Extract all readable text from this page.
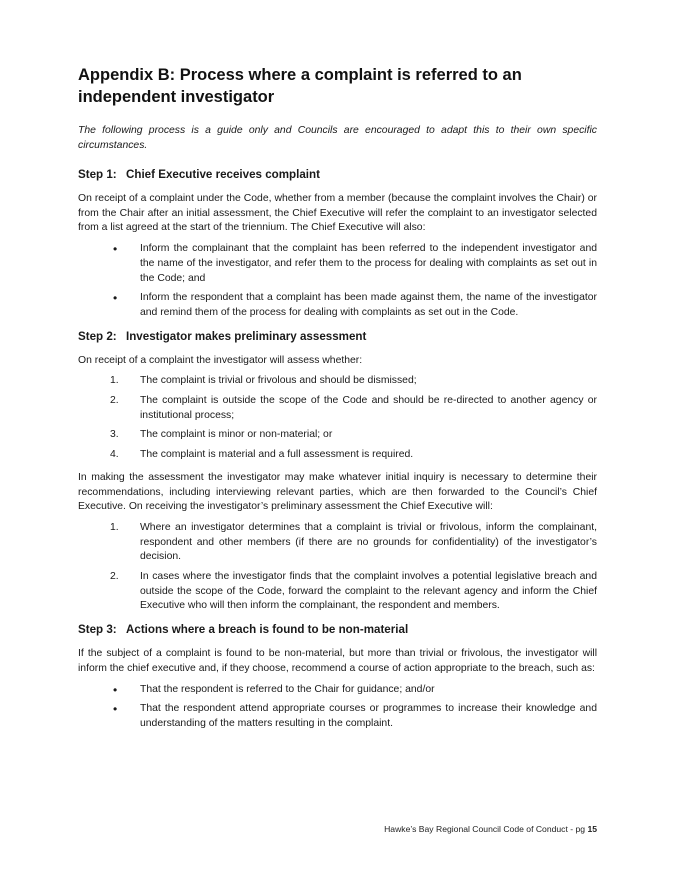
Appendix B: Process where a complaint is referred to an independent investigator

The following process is a guide only and Councils are encouraged to adapt this to their own specific circumstances.

Step 1: Chief Executive receives complaint

On receipt of a complaint under the Code, whether from a member (because the complaint involves the Chair) or from the Chair after an initial assessment, the Chief Executive will refer the complaint to an investigator selected from a list agreed at the start of the triennium. The Chief Executive will also:

• Inform the complainant that the complaint has been referred to the independent investigator and the name of the investigator, and refer them to the process for dealing with complaints as set out in the Code; and
• Inform the respondent that a complaint has been made against them, the name of the investigator and remind them of the process for dealing with complaints as set out in the Code.
Step 2: Investigator makes preliminary assessment

On receipt of a complaint the investigator will assess whether:

1. The complaint is trivial or frivolous and should be dismissed;
2. The complaint is outside the scope of the Code and should be re-directed to another agency or institutional process;
3. The complaint is minor or non-material; or
4. The complaint is material and a full assessment is required.

In making the assessment the investigator may make whatever initial inquiry is necessary to determine their recommendations, including interviewing relevant parties, which are then forwarded to the Council’s Chief Executive. On receiving the investigator’s preliminary assessment the Chief Executive will:

1. Where an investigator determines that a complaint is trivial or frivolous, inform the complainant, respondent and other members (if there are no grounds for confidentiality) of the investigator’s decision.
2. In cases where the investigator finds that the complaint involves a potential legislative breach and outside the scope of the Code, forward the complaint to the relevant agency and inform the Chief Executive who will then inform the complainant, the respondent and members.
Step 3: Actions where a breach is found to be non-material

If the subject of a complaint is found to be non-material, but more than trivial or frivolous, the investigator will inform the chief executive and, if they choose, recommend a course of action appropriate to the breach, such as:

• That the respondent is referred to the Chair for guidance; and/or
• That the respondent attend appropriate courses or programmes to increase their knowledge and understanding of the matters resulting in the complaint.
Hawke’s Bay Regional Council Code of Conduct - pg 15
